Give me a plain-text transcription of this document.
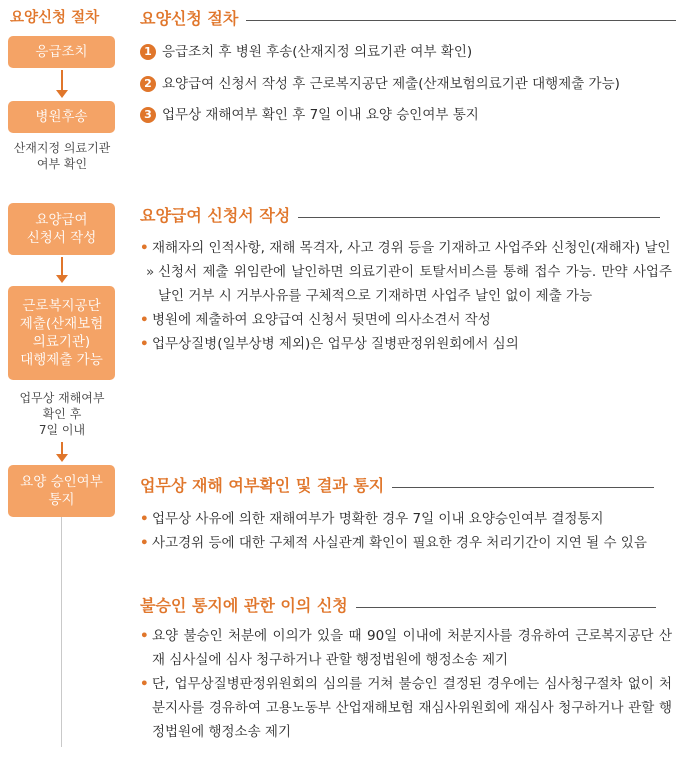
요양신청 절차
응급조치
병원후송
산재지정 의료기관
여부 확인
요양급여
신청서 작성
근로복지공단
제출(산재보험
의료기관)
대행제출 가능
업무상 재해여부
확인 후
7일 이내
요양 승인여부
통지
요양신청 절차
1 응급조치 후 병원 후송(산재지정 의료기관 여부 확인)
2 요양급여 신청서 작성 후 근로복지공단 제출(산재보험의료기관 대행제출 가능)
3 업무상 재해여부 확인 후 7일 이내 요양 승인여부 통지
요양급여 신청서 작성
• 재해자의 인적사항, 재해 목격자, 사고 경위 등을 기재하고 사업주와 신청인(재해자) 날인
» 신청서 제출 위임란에 날인하면 의료기관이 토탈서비스를 통해 접수 가능. 만약 사업주 날인 거부 시 거부사유를 구체적으로 기재하면 사업주 날인 없이 제출 가능
• 병원에 제출하여 요양급여 신청서 뒷면에 의사소견서 작성
• 업무상질병(일부상병 제외)은 업무상 질병판정위원회에서 심의
업무상 재해 여부확인 및 결과 통지
• 업무상 사유에 의한 재해여부가 명확한 경우 7일 이내 요양승인여부 결정통지
• 사고경위 등에 대한 구체적 사실관계 확인이 필요한 경우 처리기간이 지연 될 수 있음
불승인 통지에 관한 이의 신청
• 요양 불승인 처분에 이의가 있을 때 90일 이내에 처분지사를 경유하여 근로복지공단 산재 심사실에 심사 청구하거나 관할 행정법원에 행정소송 제기
• 단, 업무상질병판정위원회의 심의를 거쳐 불승인 결정된 경우에는 심사청구절차 없이 처분지사를 경유하여 고용노동부 산업재해보험 재심사위원회에 재심사 청구하거나 관할 행정법원에 행정소송 제기
